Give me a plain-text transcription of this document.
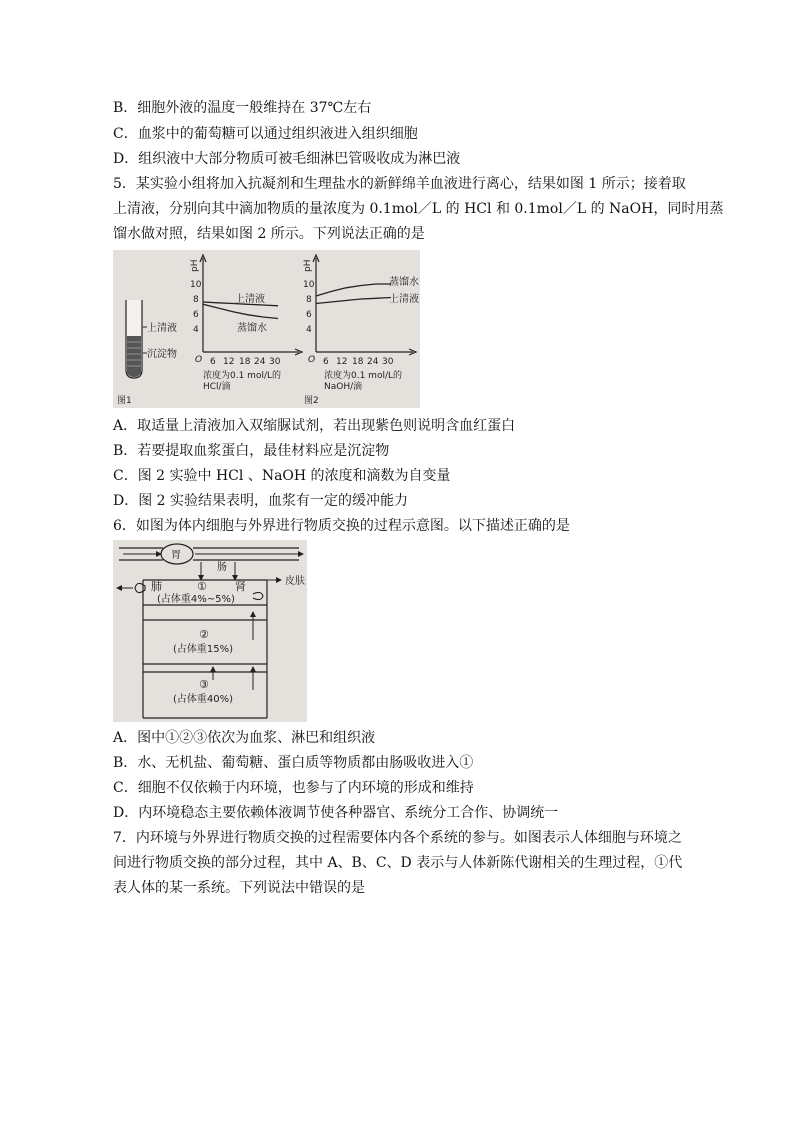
B．细胞外液的温度一般维持在 37℃左右
C．血浆中的葡萄糖可以通过组织液进入组织细胞
D．组织液中大部分物质可被毛细淋巴管吸收成为淋巴液
5．某实验小组将加入抗凝剂和生理盐水的新鲜绵羊血液进行离心，结果如图 1 所示；接着取
上清液，分别向其中滴加物质的量浓度为 0.1mol／L 的 HCl 和 0.1mol／L 的 NaOH，同时用蒸
馏水做对照，结果如图 2 所示。下列说法正确的是
上清液
沉淀物
图1
pH
O
10
8
6
4
6 12 18 24 30
浓度为0.1 mol/L的
HCl/滴
上清液
蒸馏水
pH
O
10
8
6
4
6 12 18 24 30
浓度为0.1 mol/L的
NaOH/滴
蒸馏水
上清液
图2
A．取适量上清液加入双缩脲试剂，若出现紫色则说明含血红蛋白
B．若要提取血浆蛋白，最佳材料应是沉淀物
C．图 2 实验中 HCl 、NaOH 的浓度和滴数为自变量
D．图 2 实验结果表明，血浆有一定的缓冲能力
6．如图为体内细胞与外界进行物质交换的过程示意图。以下描述正确的是
胃
肠
肺	肾	皮肤
①
(占体重4%~5%)
②
(占体重15%)
③
(占体重40%)
A．图中①②③依次为血浆、淋巴和组织液
B．水、无机盐、葡萄糖、蛋白质等物质都由肠吸收进入①
C．细胞不仅依赖于内环境，也参与了内环境的形成和维持
D．内环境稳态主要依赖体液调节使各种器官、系统分工合作、协调统一
7．内环境与外界进行物质交换的过程需要体内各个系统的参与。如图表示人体细胞与环境之
间进行物质交换的部分过程，其中 A、B、C、D 表示与人体新陈代谢相关的生理过程，①代
表人体的某一系统。下列说法中错误的是
